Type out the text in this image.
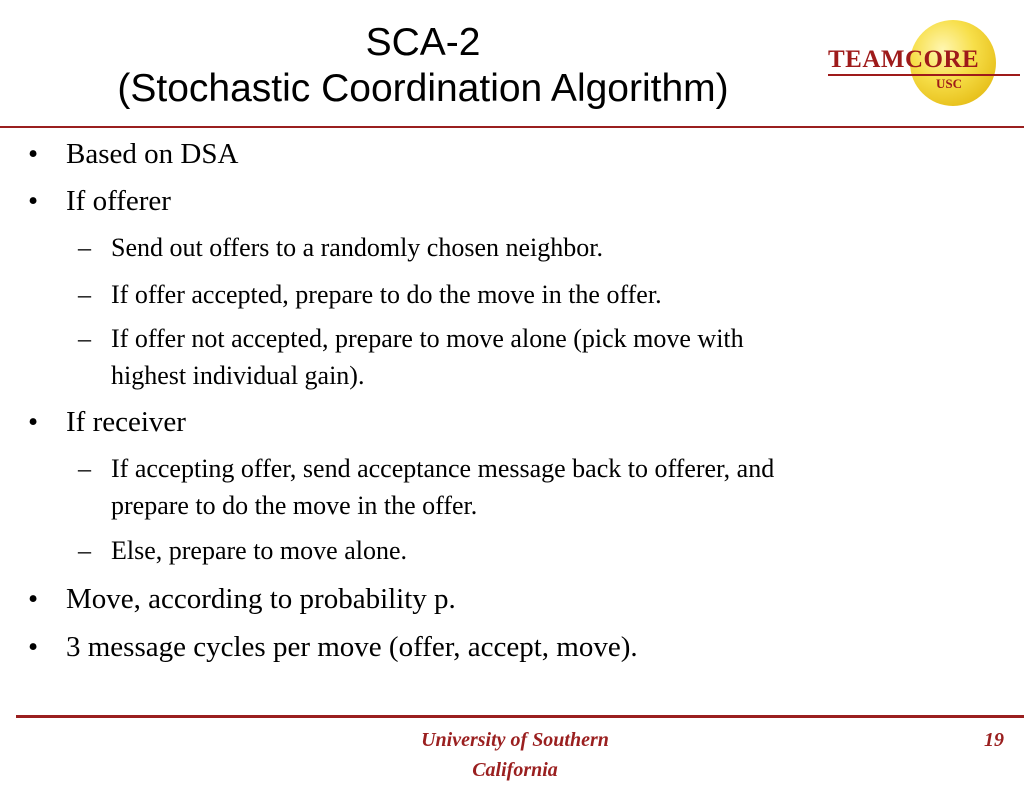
SCA-2
(Stochastic Coordination Algorithm)
TEAMCORE
USC
• Based on DSA
• If offerer
– Send out offers to a randomly chosen neighbor.
– If offer accepted, prepare to do the move in the offer.
– If offer not accepted, prepare to move alone (pick move with
highest individual gain).
• If receiver
– If accepting offer, send acceptance message back to offerer, and
prepare to do the move in the offer.
– Else, prepare to move alone.
• Move, according to probability p.
• 3 message cycles per move (offer, accept, move).
University of Southern
California
19
